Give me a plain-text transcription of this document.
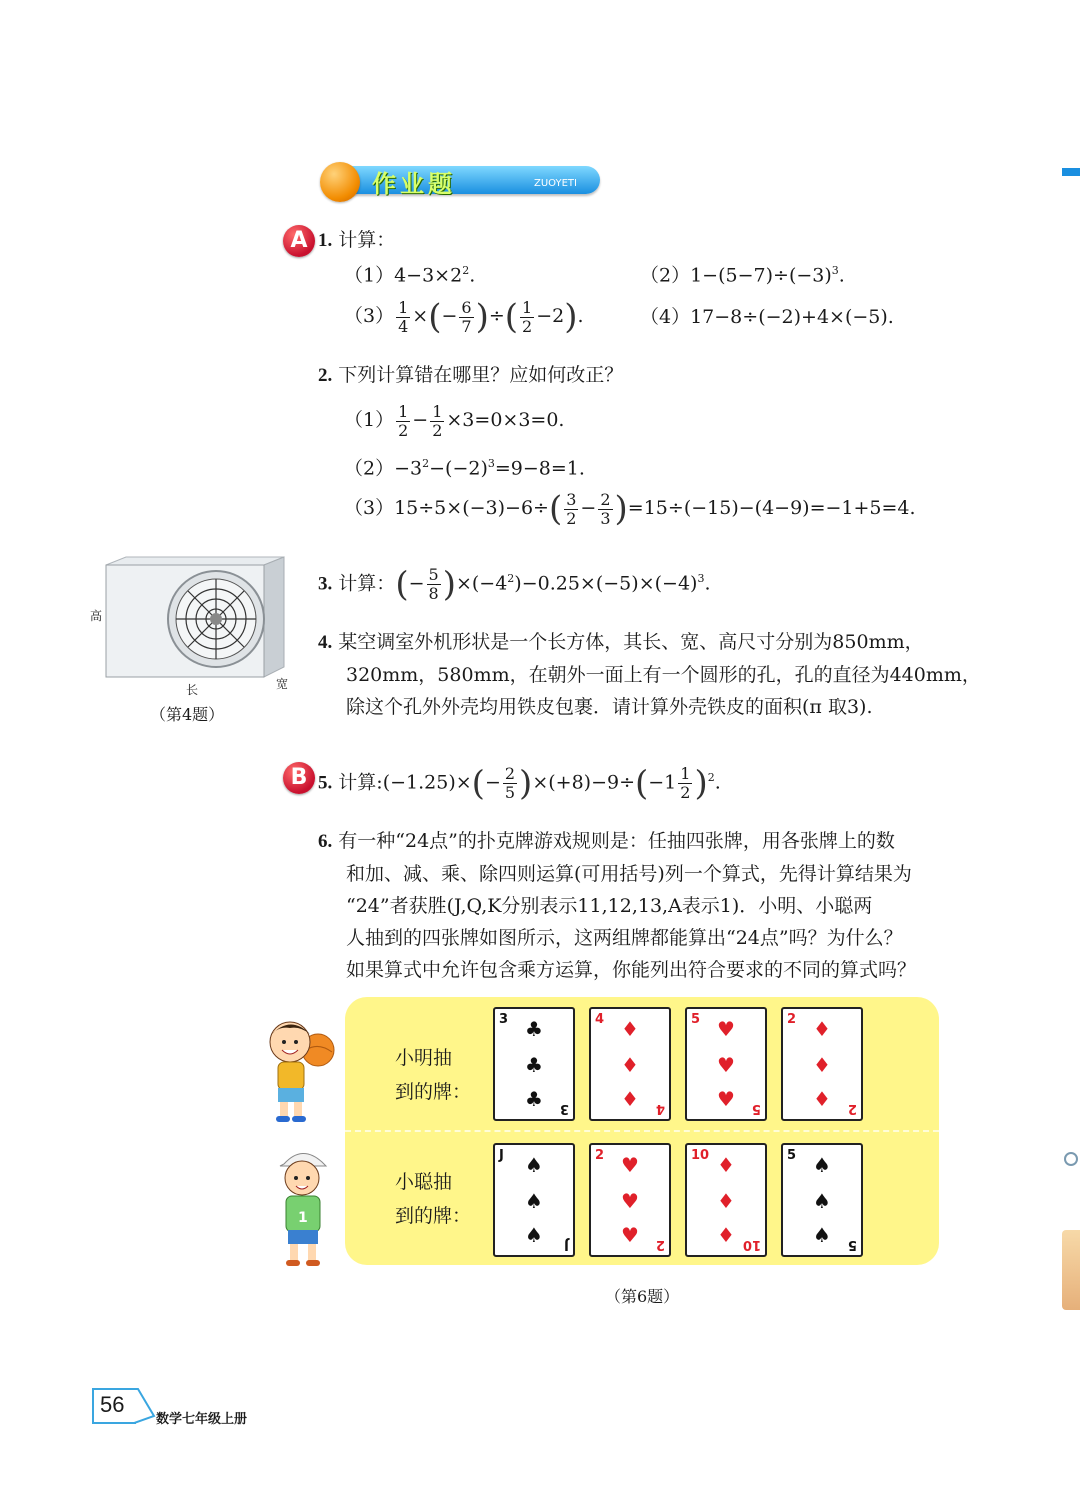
作业题	ZUOYETI
A 1. 计算：
$(1)4-3\times 2^2$.	$(2)1-(5-7)\div(-3)^3$.
$(3) \frac{1}{4}$ ×(− $\frac{6}{7}$ )÷( $\frac{1}{2} -2$).	（4）17−8÷(−2)+4×(−5).
2. 下列计算错在哪里？应如何改正？
$(1) \frac{1}{2} - \frac{1}{2} \times 3=0\times 3=0$.
$(2)-3^2-(-2)^3=9-8=1$.
$(3)15\div 5\times(-3)-6\div( \frac{3}{2} - \frac{2}{3} )=15\div(-15)-(4-9)=-1+5=4$.
高
长	宽
（第4题）
3. 计算：(− $\frac{5}{8} )\times(-4^2)-0.25\times(-5)\times(-4)^3$.
4. 某空调室外机形状是一个长方体，其长、宽、高尺寸分别为850mm，
320mm，580mm，在朝外一面上有一个圆形的孔，孔的直径为440mm，
除这个孔外外壳均用铁皮包裹．请计算外壳铁皮的面积(π 取3).
B 5. 计算:(−1.25)×(− $\frac{2}{5} )\times(+8)-9\div(-1 \frac{1}{2} )^2$.
6. 有一种“24点”的扑克牌游戏规则是：任抽四张牌，用各张牌上的数
和加、减、乘、除四则运算(可用括号)列一个算式，先得计算结果为
“24”者获胜(J,Q,K分别表示11,12,13,A表示1)．小明、小聪两
人抽到的四张牌如图所示，这两组牌都能算出“24点”吗？为什么？
如果算式中允许包含乘方运算，你能列出符合要求的不同的算式吗？
小明抽
到的牌：
小聪抽
到的牌：
3
3
♣
♣
♣
4
4
♦
♦
♦
5
5
♥
♥
♥
2
2
♦
♦
♦
J
J
♠
♠
♠
2
2
♥
♥
♥
10
10
♦
♦
♦
5
5
♠
♠
♠
1
（第6题）
56
数学七年级上册
